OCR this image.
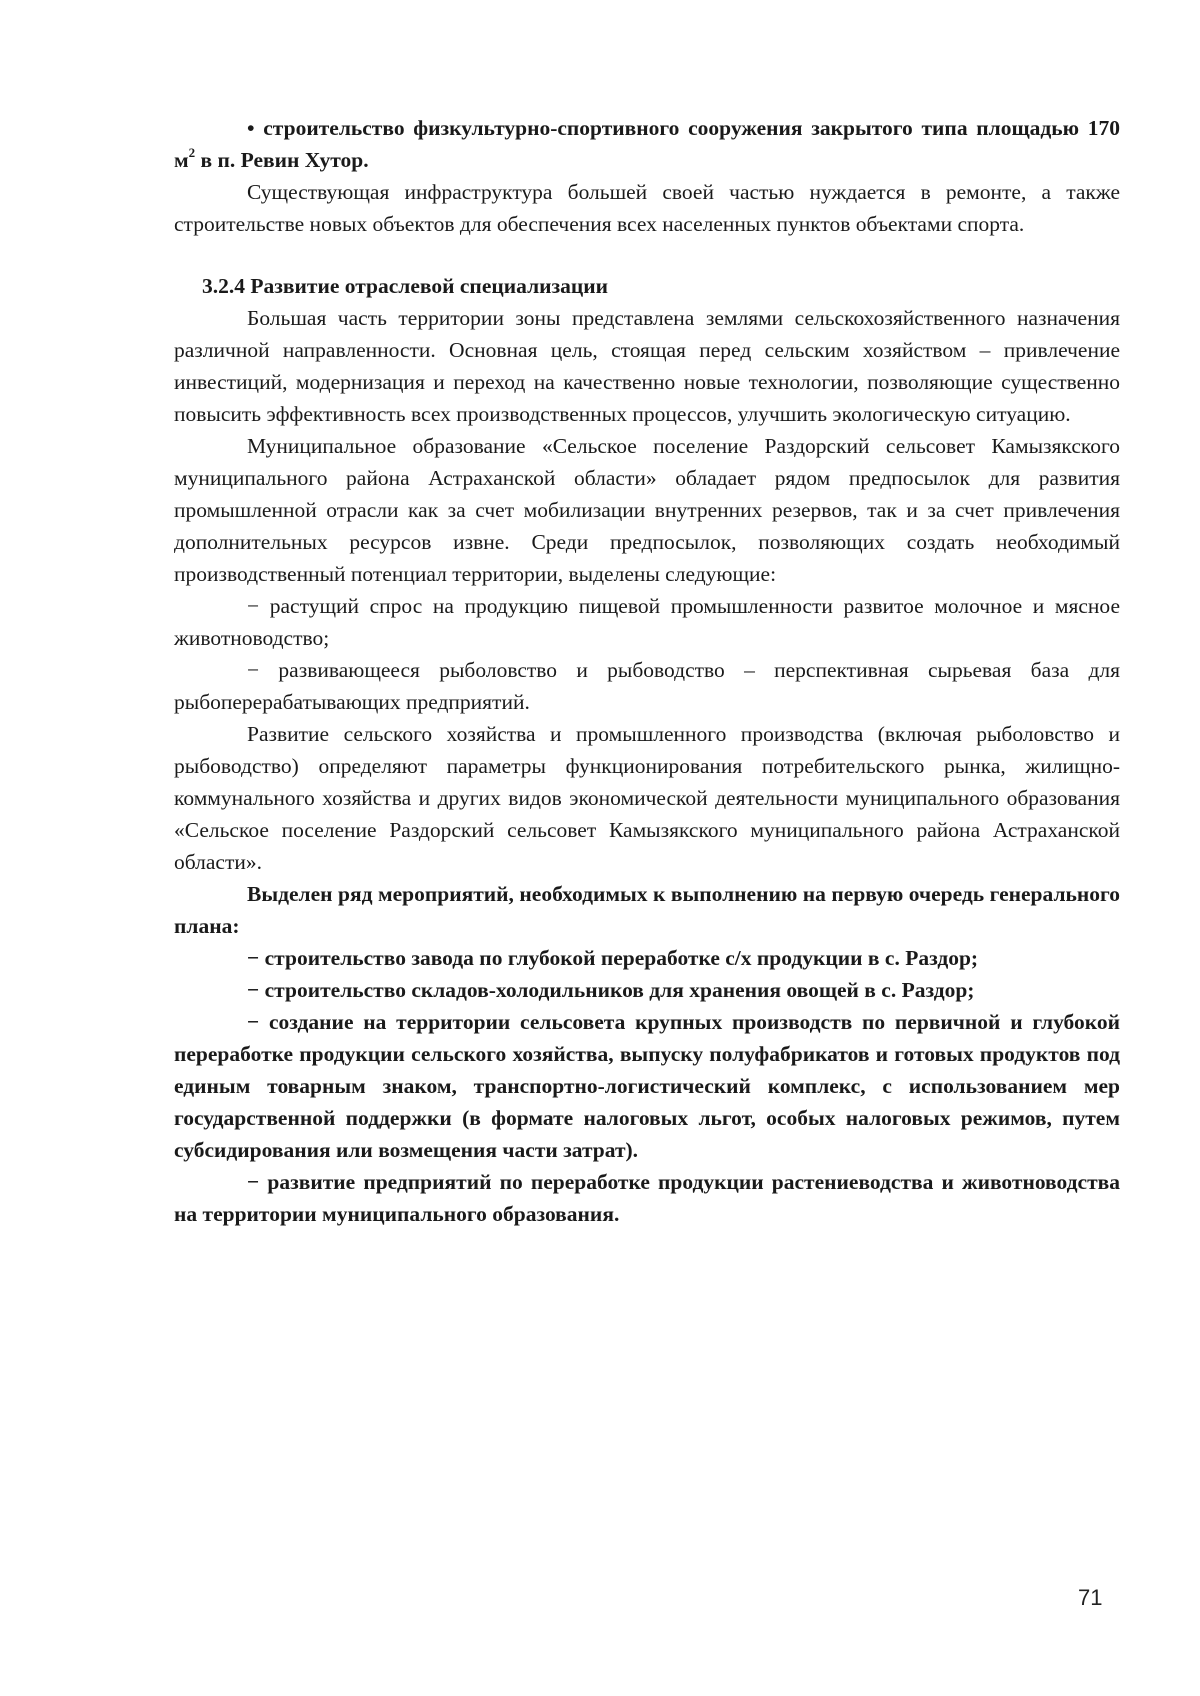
• строительство физкультурно-спортивного сооружения закрытого типа площадью 170 $м^2$ в п. Ревин Хутор.

Существующая инфраструктура большей своей частью нуждается в ремонте, а также строительстве новых объектов для обеспечения всех населенных пунктов объектами спорта.

3.2.4 Развитие отраслевой специализации

Большая часть территории зоны представлена землями сельскохозяйственного назначения различной направленности. Основная цель, стоящая перед сельским хозяйством – привлечение инвестиций, модернизация и переход на качественно новые технологии, позволяющие существенно повысить эффективность всех производственных процессов, улучшить экологическую ситуацию.

Муниципальное образование «Сельское поселение Раздорский сельсовет Камызякского муниципального района Астраханской области» обладает рядом предпосылок для развития промышленной отрасли как за счет мобилизации внутренних резервов, так и за счет привлечения дополнительных ресурсов извне. Среди предпосылок, позволяющих создать необходимый производственный потенциал территории, выделены следующие:

− растущий спрос на продукцию пищевой промышленности развитое молочное и мясное животноводство;

− развивающееся рыболовство и рыбоводство – перспективная сырьевая база для рыбоперерабатывающих предприятий.

Развитие сельского хозяйства и промышленного производства (включая рыболовство и рыбоводство) определяют параметры функционирования потребительского рынка, жилищно-коммунального хозяйства и других видов экономической деятельности муниципального образования «Сельское поселение Раздорский сельсовет Камызякского муниципального района Астраханской области».

Выделен ряд мероприятий, необходимых к выполнению на первую очередь генерального плана:

− строительство завода по глубокой переработке с/х продукции в с. Раздор;

− строительство складов-холодильников для хранения овощей в с. Раздор;

− создание на территории сельсовета крупных производств по первичной и глубокой переработке продукции сельского хозяйства, выпуску полуфабрикатов и готовых продуктов под единым товарным знаком, транспортно-логистический комплекс, с использованием мер государственной поддержки (в формате налоговых льгот, особых налоговых режимов, путем субсидирования или возмещения части затрат).

− развитие предприятий по переработке продукции растениеводства и животноводства на территории муниципального образования.

71
